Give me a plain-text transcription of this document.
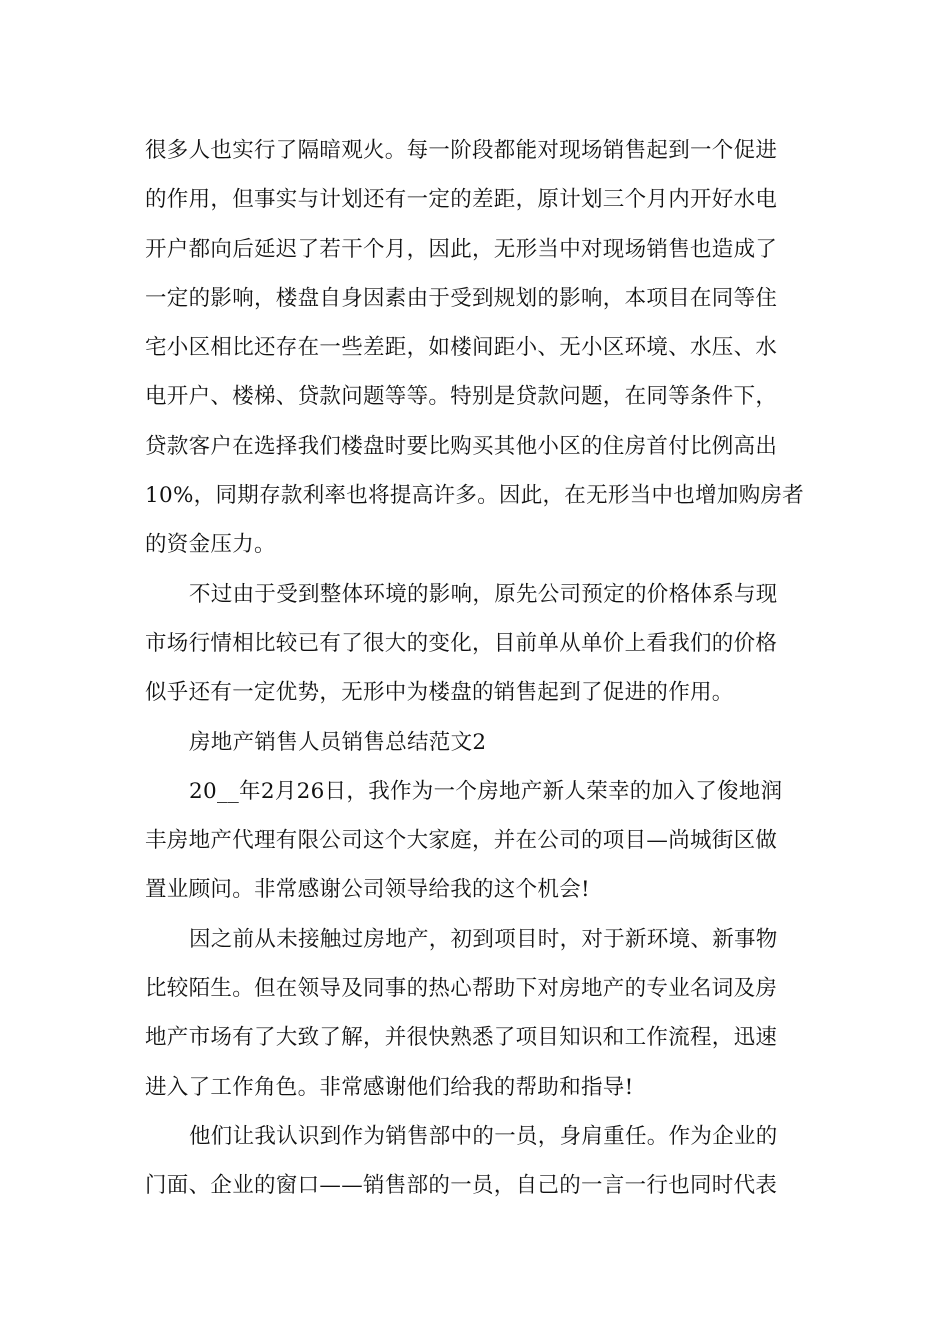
很多人也实行了隔暗观火。每一阶段都能对现场销售起到一个促进
的作用，但事实与计划还有一定的差距，原计划三个月内开好水电
开户都向后延迟了若干个月，因此，无形当中对现场销售也造成了
一定的影响，楼盘自身因素由于受到规划的影响，本项目在同等住
宅小区相比还存在一些差距，如楼间距小、无小区环境、水压、水
电开户、楼梯、贷款问题等等。特别是贷款问题，在同等条件下，
贷款客户在选择我们楼盘时要比购买其他小区的住房首付比例高出
10%，同期存款利率也将提高许多。因此，在无形当中也增加购房者
的资金压力。
不过由于受到整体环境的影响，原先公司预定的价格体系与现
市场行情相比较已有了很大的变化，目前单从单价上看我们的价格
似乎还有一定优势，无形中为楼盘的销售起到了促进的作用。
房地产销售人员销售总结范文2
20__年2月26日，我作为一个房地产新人荣幸的加入了俊地润
丰房地产代理有限公司这个大家庭，并在公司的项目—尚城街区做
置业顾问。非常感谢公司领导给我的这个机会!
因之前从未接触过房地产，初到项目时，对于新环境、新事物
比较陌生。但在领导及同事的热心帮助下对房地产的专业名词及房
地产市场有了大致了解，并很快熟悉了项目知识和工作流程，迅速
进入了工作角色。非常感谢他们给我的帮助和指导!
他们让我认识到作为销售部中的一员，身肩重任。作为企业的
门面、企业的窗口——销售部的一员，自己的一言一行也同时代表
